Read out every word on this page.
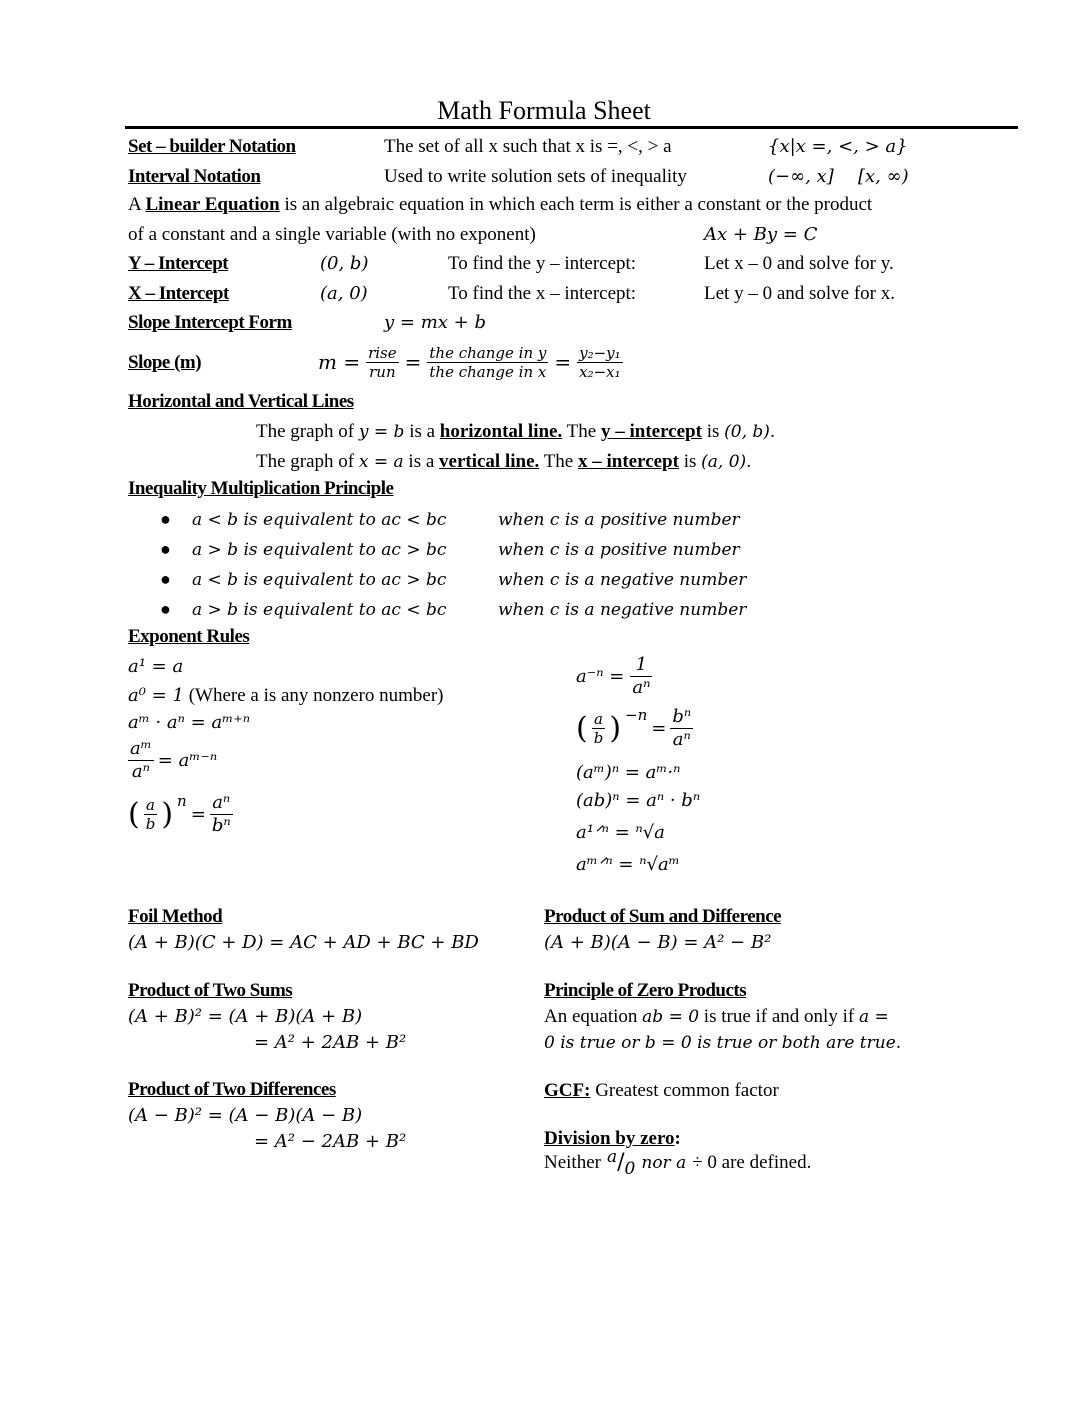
Math Formula Sheet
Set – builder Notation	The set of all x such that x is =, <, > a	{x|x =, <, > a}
Interval Notation	Used to write solution sets of inequality	(−∞, x] [x, ∞)
A Linear Equation is an algebraic equation in which each term is either a constant or the product
of a constant and a single variable (with no exponent)	Ax + By = C
Y – Intercept	(0, b)	To find the y – intercept:	Let x – 0 and solve for y.
X – Intercept	(a, 0)	To find the x – intercept:	Let y – 0 and solve for x.
Slope Intercept Form	y = mx + b
Slope (m)	$m = \frac{\text{rise}}{\text{run}} = \frac{\text{the change in y}}{\text{the change in x}} = \frac{\text{y₂−y₁}}{\text{x₂−x₁}}$
Horizontal and Vertical Lines
The graph of y = b is a horizontal line. The y – intercept is (0, b).
The graph of x = a is a vertical line. The x – intercept is (a, 0).
Inequality Multiplication Principle
● a < b is equivalent to ac < bc	when c is a positive number
● a > b is equivalent to ac > bc	when c is a positive number
● a < b is equivalent to ac > bc	when c is a negative number
● a > b is equivalent to ac < bc	when c is a negative number
Exponent Rules
a¹ = a
a⁰ = 1 (Where a is any nonzero number)
aᵐ · aⁿ = aᵐ⁺ⁿ
$\frac{\text{aᵐ}}{\text{aⁿ}}$ = aᵐ⁻ⁿ
( $\frac{a}{b}$ ) n
= $\frac{\text{aⁿ}}{\text{bⁿ}}$
$a^{-n} = \frac{1}{\text{aⁿ}}$
( $\frac{a}{b}$ ) −n
= $\frac{\text{bⁿ}}{\text{aⁿ}}$
(aᵐ)ⁿ = aᵐ·ⁿ
(ab)ⁿ = aⁿ · bⁿ
a¹ᐟⁿ = ⁿ√a
aᵐᐟⁿ = ⁿ√aᵐ
Foil Method
(A + B)(C + D) = AC + AD + BC + BD
Product of Sum and Difference
(A + B)(A − B) = A² − B²
Product of Two Sums
(A + B)² = (A + B)(A + B)
= A² + 2AB + B²
Principle of Zero Products
An equation ab = 0 is true if and only if a =
0 is true or b = 0 is true or both are true.
Product of Two Differences
(A − B)² = (A − B)(A − B)
= A² − 2AB + B²
GCF: Greatest common factor
Division by zero:
Neither a / 0 nor a ÷ 0 are defined.
